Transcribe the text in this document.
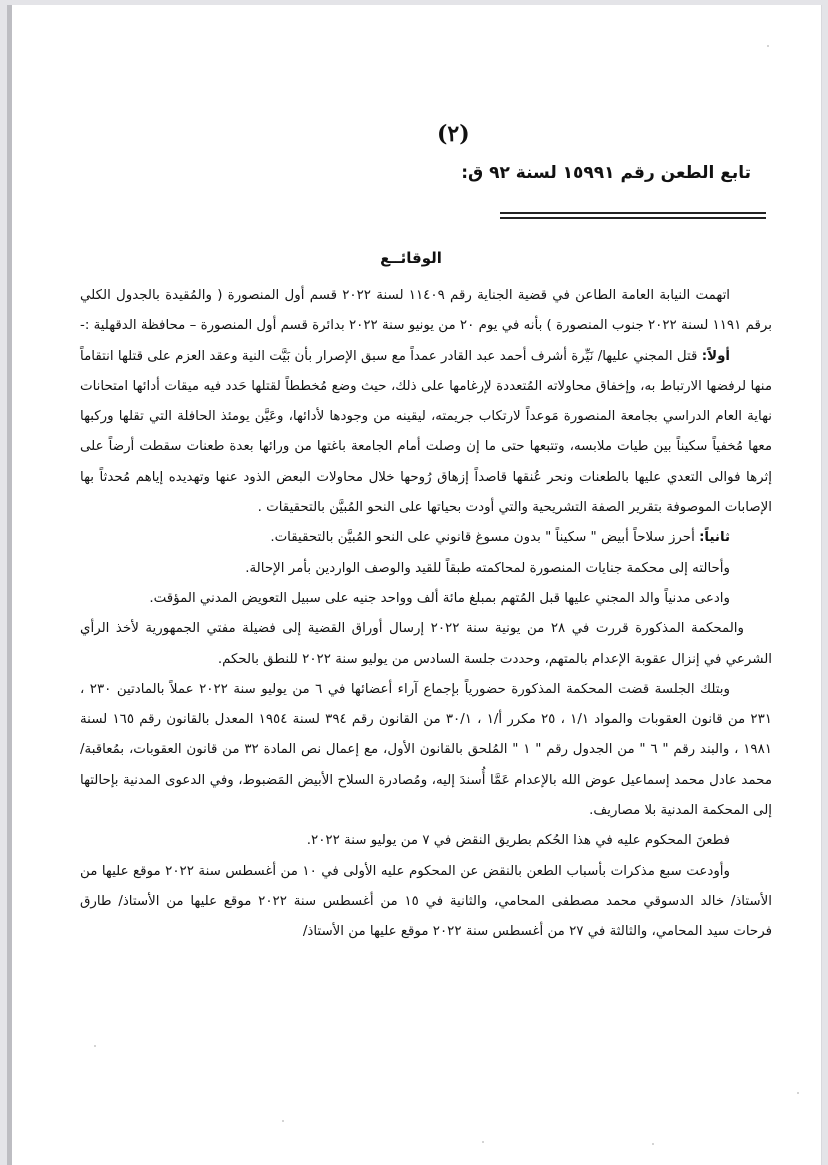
(٢)
تابع الطعن رقم ١٥٩٩١ لسنة ٩٢ ق:
الوقائــع

اتهمت النيابة العامة الطاعن في قضية الجناية رقم ١١٤٠٩ لسنة ٢٠٢٢ قسم أول المنصورة ( والمُقيدة بالجدول الكلي برقم ١١٩١ لسنة ٢٠٢٢ جنوب المنصورة ) بأنه في يوم ٢٠ من يونيو سنة ٢٠٢٢ بدائرة قسم أول المنصورة – محافظة الدقهلية :-

أولاً: قتل المجني عليها/ نَيِّرة أشرف أحمد عبد القادر عمداً مع سبق الإصرار بأن بَيَّت النية وعقد العزم على قتلها انتقاماً منها لرفضها الارتباط به، وإخفاق محاولاته المُتعددة لإرغامها على ذلك، حيث وضع مُخططاً لقتلها حَدد فيه ميقات أدائها امتحانات نهاية العام الدراسي بجامعة المنصورة مَوعداً لارتكاب جريمته، ليقينه من وجودها لأدائها، وعَيَّن يومئذ الحافلة التي تقلها وركبها معها مُخفياً سكيناً بين طيات ملابسه، وتتبعها حتى ما إن وصلت أمام الجامعة باغتها من ورائها بعدة طعنات سقطت أرضاً على إثرها فوالى التعدي عليها بالطعنات ونحر عُنقها قاصداً إزهاق رُوحها خلال محاولات البعض الذود عنها وتهديده إياهم مُحدثاً بها الإصابات الموصوفة بتقرير الصفة التشريحية والتي أودت بحياتها على النحو المُبيَّن بالتحقيقات .

ثانياً: أحرز سلاحاً أبيض " سكيناً " بدون مسوغ قانوني على النحو المُبيَّن بالتحقيقات.

وأحالته إلى محكمة جنايات المنصورة لمحاكمته طبقاً للقيد والوصف الواردين بأمر الإحالة.

وادعى مدنياً والد المجني عليها قبل المُتهم بمبلغ مائة ألف وواحد جنيه على سبيل التعويض المدني المؤقت.

والمحكمة المذكورة قررت في ٢٨ من يونية سنة ٢٠٢٢ إرسال أوراق القضية إلى فضيلة مفتي الجمهورية لأخذ الرأي الشرعي في إنزال عقوبة الإعدام بالمتهم، وحددت جلسة السادس من يوليو سنة ٢٠٢٢ للنطق بالحكم.

وبتلك الجلسة قضت المحكمة المذكورة حضورياً بإجماع آراء أعضائها في ٦ من يوليو سنة ٢٠٢٢ عملاً بالمادتين ٢٣٠ ، ٢٣١ من قانون العقوبات والمواد ١/١ ، ٢٥ مكرر أ/١ ، ٣٠/١ من القانون رقم ٣٩٤ لسنة ١٩٥٤ المعدل بالقانون رقم ١٦٥ لسنة ١٩٨١ ، والبند رقم " ٦ " من الجدول رقم " ١ " المُلحق بالقانون الأول، مع إعمال نص المادة ٣٢ من قانون العقوبات، بمُعاقبة/ محمد عادل محمد إسماعيل عوض الله بالإعدام عَمَّا أُسندَ إليه، ومُصادرة السلاح الأبيض المَضبوط، وفي الدعوى المدنية بإحالتها إلى المحكمة المدنية بلا مصاريف.

فطعنَ المحكوم عليه في هذا الحُكم بطريق النقض في ٧ من يوليو سنة ٢٠٢٢.

وأودعت سبع مذكرات بأسباب الطعن بالنقض عن المحكوم عليه الأولى في ١٠ من أغسطس سنة ٢٠٢٢ موقع عليها من الأستاذ/ خالد الدسوقي محمد مصطفى المحامي، والثانية في ١٥ من أغسطس سنة ٢٠٢٢ موقع عليها من الأستاذ/ طارق فرحات سيد المحامي، والثالثة في ٢٧ من أغسطس سنة ٢٠٢٢ موقع عليها من الأستاذ/
